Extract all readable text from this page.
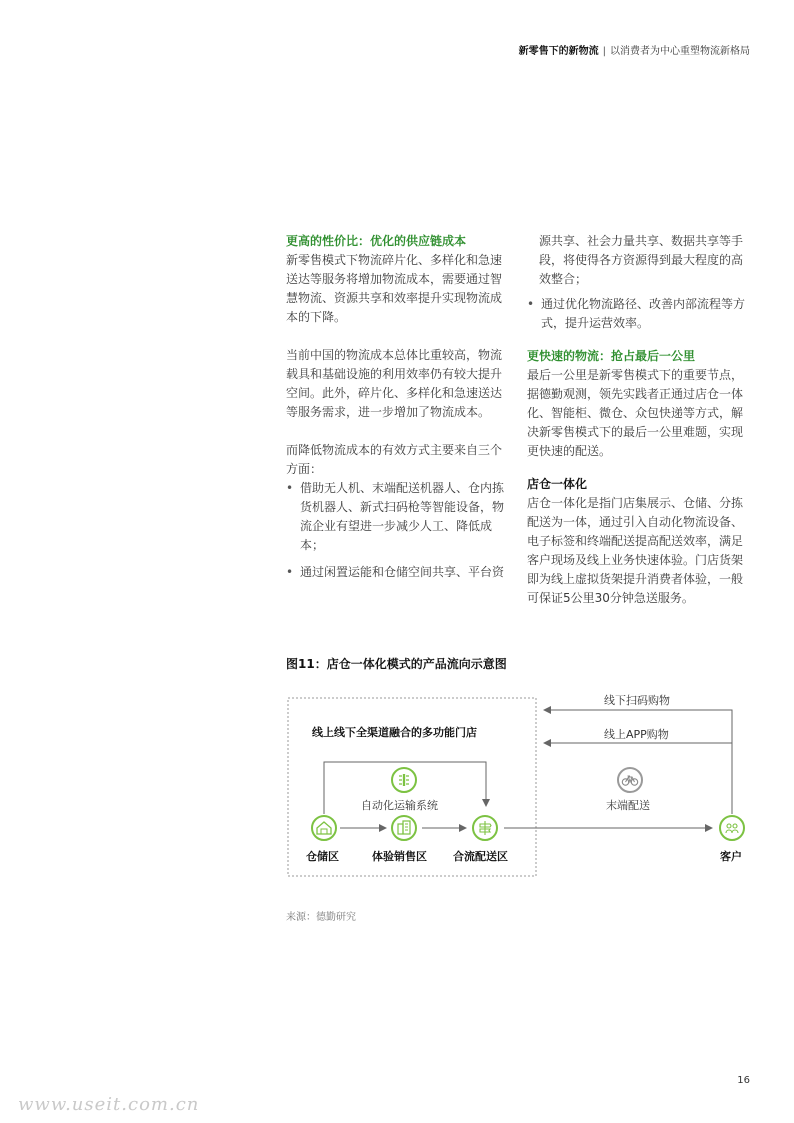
新零售下的新物流 | 以消费者为中心重塑物流新格局

更高的性价比：优化的供应链成本

新零售模式下物流碎片化、多样化和急速送达等服务将增加物流成本，需要通过智慧物流、资源共享和效率提升实现物流成本的下降。

当前中国的物流成本总体比重较高，物流载具和基础设施的利用效率仍有较大提升空间。此外，碎片化、多样化和急速送达等服务需求，进一步增加了物流成本。

而降低物流成本的有效方式主要来自三个方面：

• 借助无人机、末端配送机器人、仓内拣货机器人、新式扫码枪等智能设备，物流企业有望进一步减少人工、降低成本；

• 通过闲置运能和仓储空间共享、平台资

源共享、社会力量共享、数据共享等手段，将使得各方资源得到最大程度的高效整合；

• 通过优化物流路径、改善内部流程等方式，提升运营效率。

更快速的物流：抢占最后一公里

最后一公里是新零售模式下的重要节点，据德勤观测，领先实践者正通过店仓一体化、智能柜、微仓、众包快递等方式，解决新零售模式下的最后一公里难题，实现更快速的配送。

店仓一体化

店仓一体化是指门店集展示、仓储、分拣配送为一体，通过引入自动化物流设备、电子标签和终端配送提高配送效率，满足客户现场及线上业务快速体验。门店货架即为线上虚拟货架提升消费者体验，一般可保证5公里30分钟急送服务。

图11：店仓一体化模式的产品流向示意图
线上线下全渠道融合的多功能门店
自动化运输系统
仓储区	体验销售区 合流配送区
线下扫码购物
线上APP购物
末端配送
客户
来源：德勤研究
16
www.useit.com.cn
